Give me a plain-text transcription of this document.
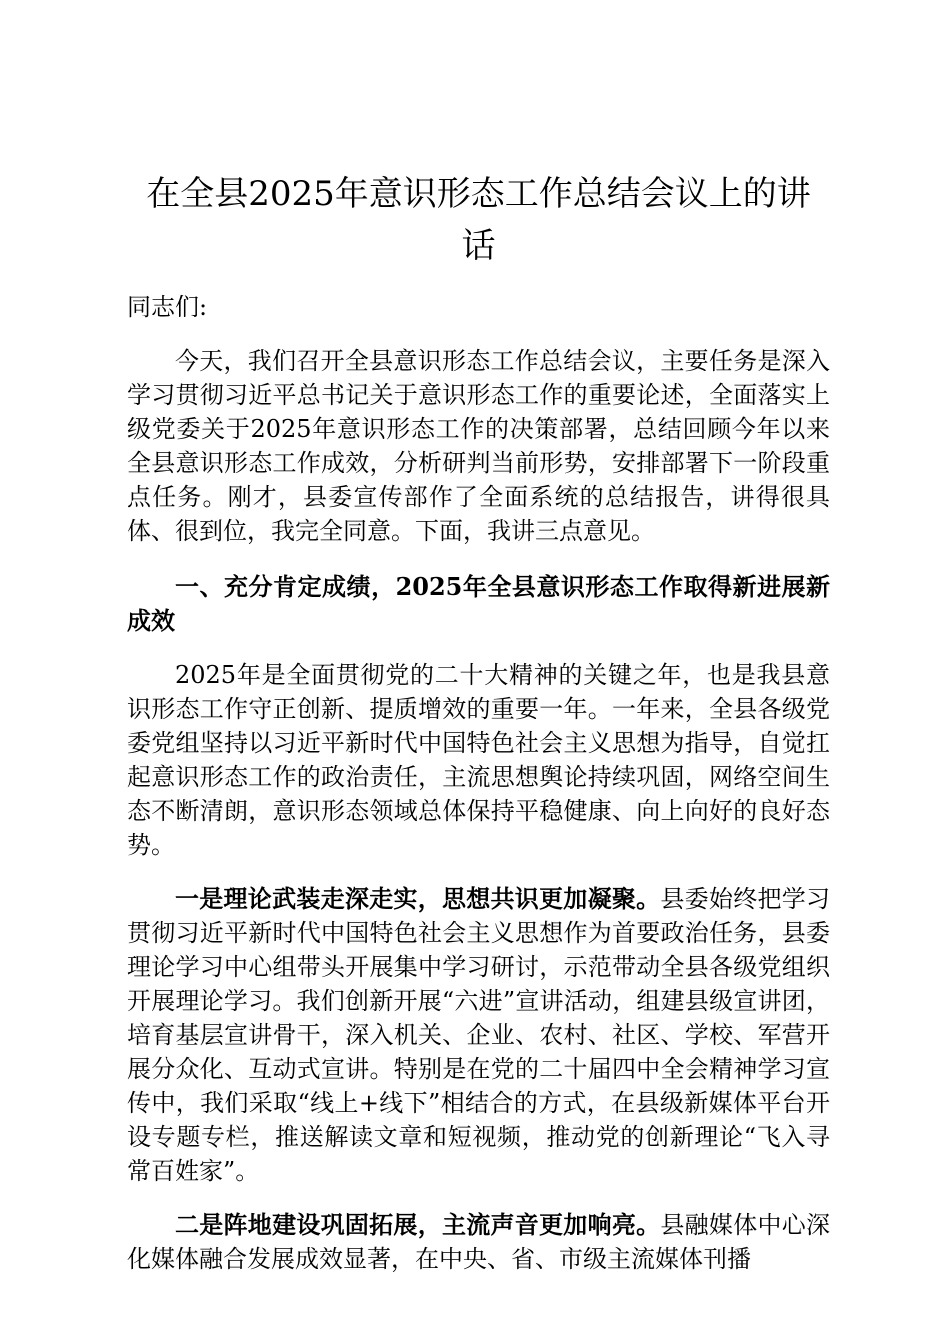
在全县2025年意识形态工作总结会议上的讲话

同志们:

今天，我们召开全县意识形态工作总结会议，主要任务是深入学习贯彻习近平总书记关于意识形态工作的重要论述，全面落实上级党委关于2025年意识形态工作的决策部署，总结回顾今年以来全县意识形态工作成效，分析研判当前形势，安排部署下一阶段重点任务。刚才，县委宣传部作了全面系统的总结报告，讲得很具体、很到位，我完全同意。下面，我讲三点意见。

一、充分肯定成绩，2025年全县意识形态工作取得新进展新成效

2025年是全面贯彻党的二十大精神的关键之年，也是我县意识形态工作守正创新、提质增效的重要一年。一年来，全县各级党委党组坚持以习近平新时代中国特色社会主义思想为指导，自觉扛起意识形态工作的政治责任，主流思想舆论持续巩固，网络空间生态不断清朗，意识形态领域总体保持平稳健康、向上向好的良好态势。

一是理论武装走深走实，思想共识更加凝聚。县委始终把学习贯彻习近平新时代中国特色社会主义思想作为首要政治任务，县委理论学习中心组带头开展集中学习研讨，示范带动全县各级党组织开展理论学习。我们创新开展“六进”宣讲活动，组建县级宣讲团，培育基层宣讲骨干，深入机关、企业、农村、社区、学校、军营开展分众化、互动式宣讲。特别是在党的二十届四中全会精神学习宣传中，我们采取“线上+线下”相结合的方式，在县级新媒体平台开设专题专栏，推送解读文章和短视频，推动党的创新理论“飞入寻常百姓家”。

二是阵地建设巩固拓展，主流声音更加响亮。县融媒体中心深化媒体融合发展成效显著，在中央、省、市级主流媒体刊播
